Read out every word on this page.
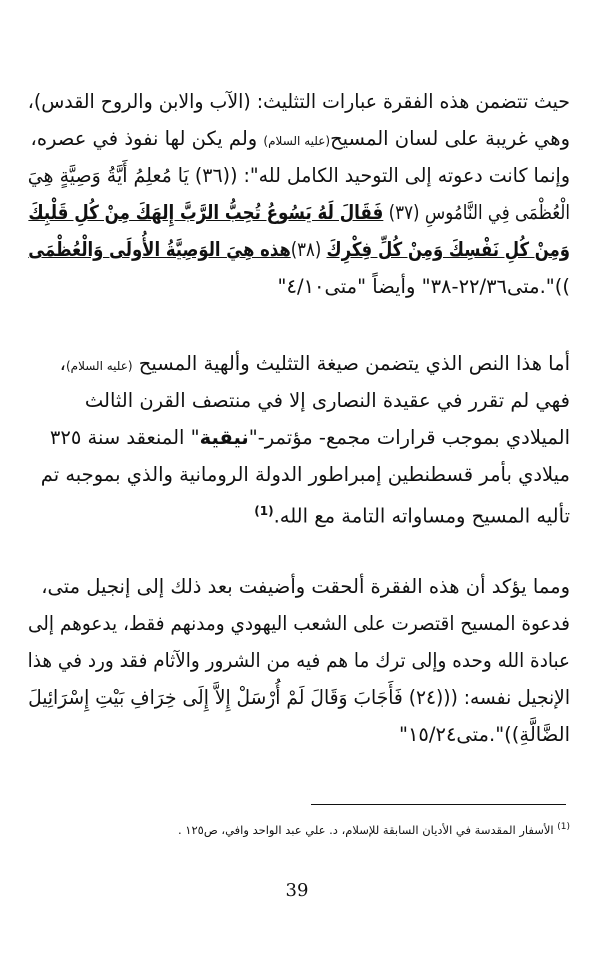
حيث تتضمن هذه الفقرة عبارات التثليث: (الآب والابن والروح القدس)،
وهي غريبة على لسان المسيح(عليه السلام) ولم يكن لها نفوذ في عصره،
وإنما كانت دعوته إلى التوحيد الكامل لله": ((٣٦) يَا مُعلِمُ أَيَّةُ وَصِيَّةٍ هِيَ
الْعُظْمَى فِي النَّامُوسِ (٣٧) فَقَالَ لَهُ يَسُوعُ تُحِبُّ الرَّبَّ إِلهَكَ مِنْ كُلِ قَلْبِكَ
وَمِنْ كُلِ نَفْسِكَ وَمِنْ كُلِّ فِكْرِكَ (٣٨)هذه هِيَ الوَصِيَّةُ الأُولَى وَالْعُظْمَى
))".متى٢٢/٣٦-٣٨" وأيضاً "متى٤/١٠"
أما هذا النص الذي يتضمن صيغة التثليث وألهية المسيح (عليه السلام)،
فهي لم تقرر في عقيدة النصارى إلا في منتصف القرن الثالث
الميلادي بموجب قرارات مجمع- مؤتمر-"نيقية" المنعقد سنة ٣٢٥
ميلادي بأمر قسطنطين إمبراطور الدولة الرومانية والذي بموجبه تم
تأليه المسيح ومساواته التامة مع الله.$^{(1)}$
ومما يؤكد أن هذه الفقرة ألحقت وأضيفت بعد ذلك إلى إنجيل متى،
فدعوة المسيح اقتصرت على الشعب اليهودي ومدنهم فقط، يدعوهم إلى
عبادة الله وحده وإلى ترك ما هم فيه من الشرور والآثام فقد ورد في هذا
الإنجيل نفسه: (((٢٤) فَأَجَابَ وَقَالَ لَمْ أُرْسَلْ إِلاَّ إِلَى خِرَافِ بَيْتِ إِسْرَائِيلَ
الضَّالَّةِ))".متى١٥/٢٤"
$^{(1)}$ الأسفار المقدسة في الأديان السابقة للإسلام، د. علي عبد الواحد وافي، ص١٢٥ .
39
